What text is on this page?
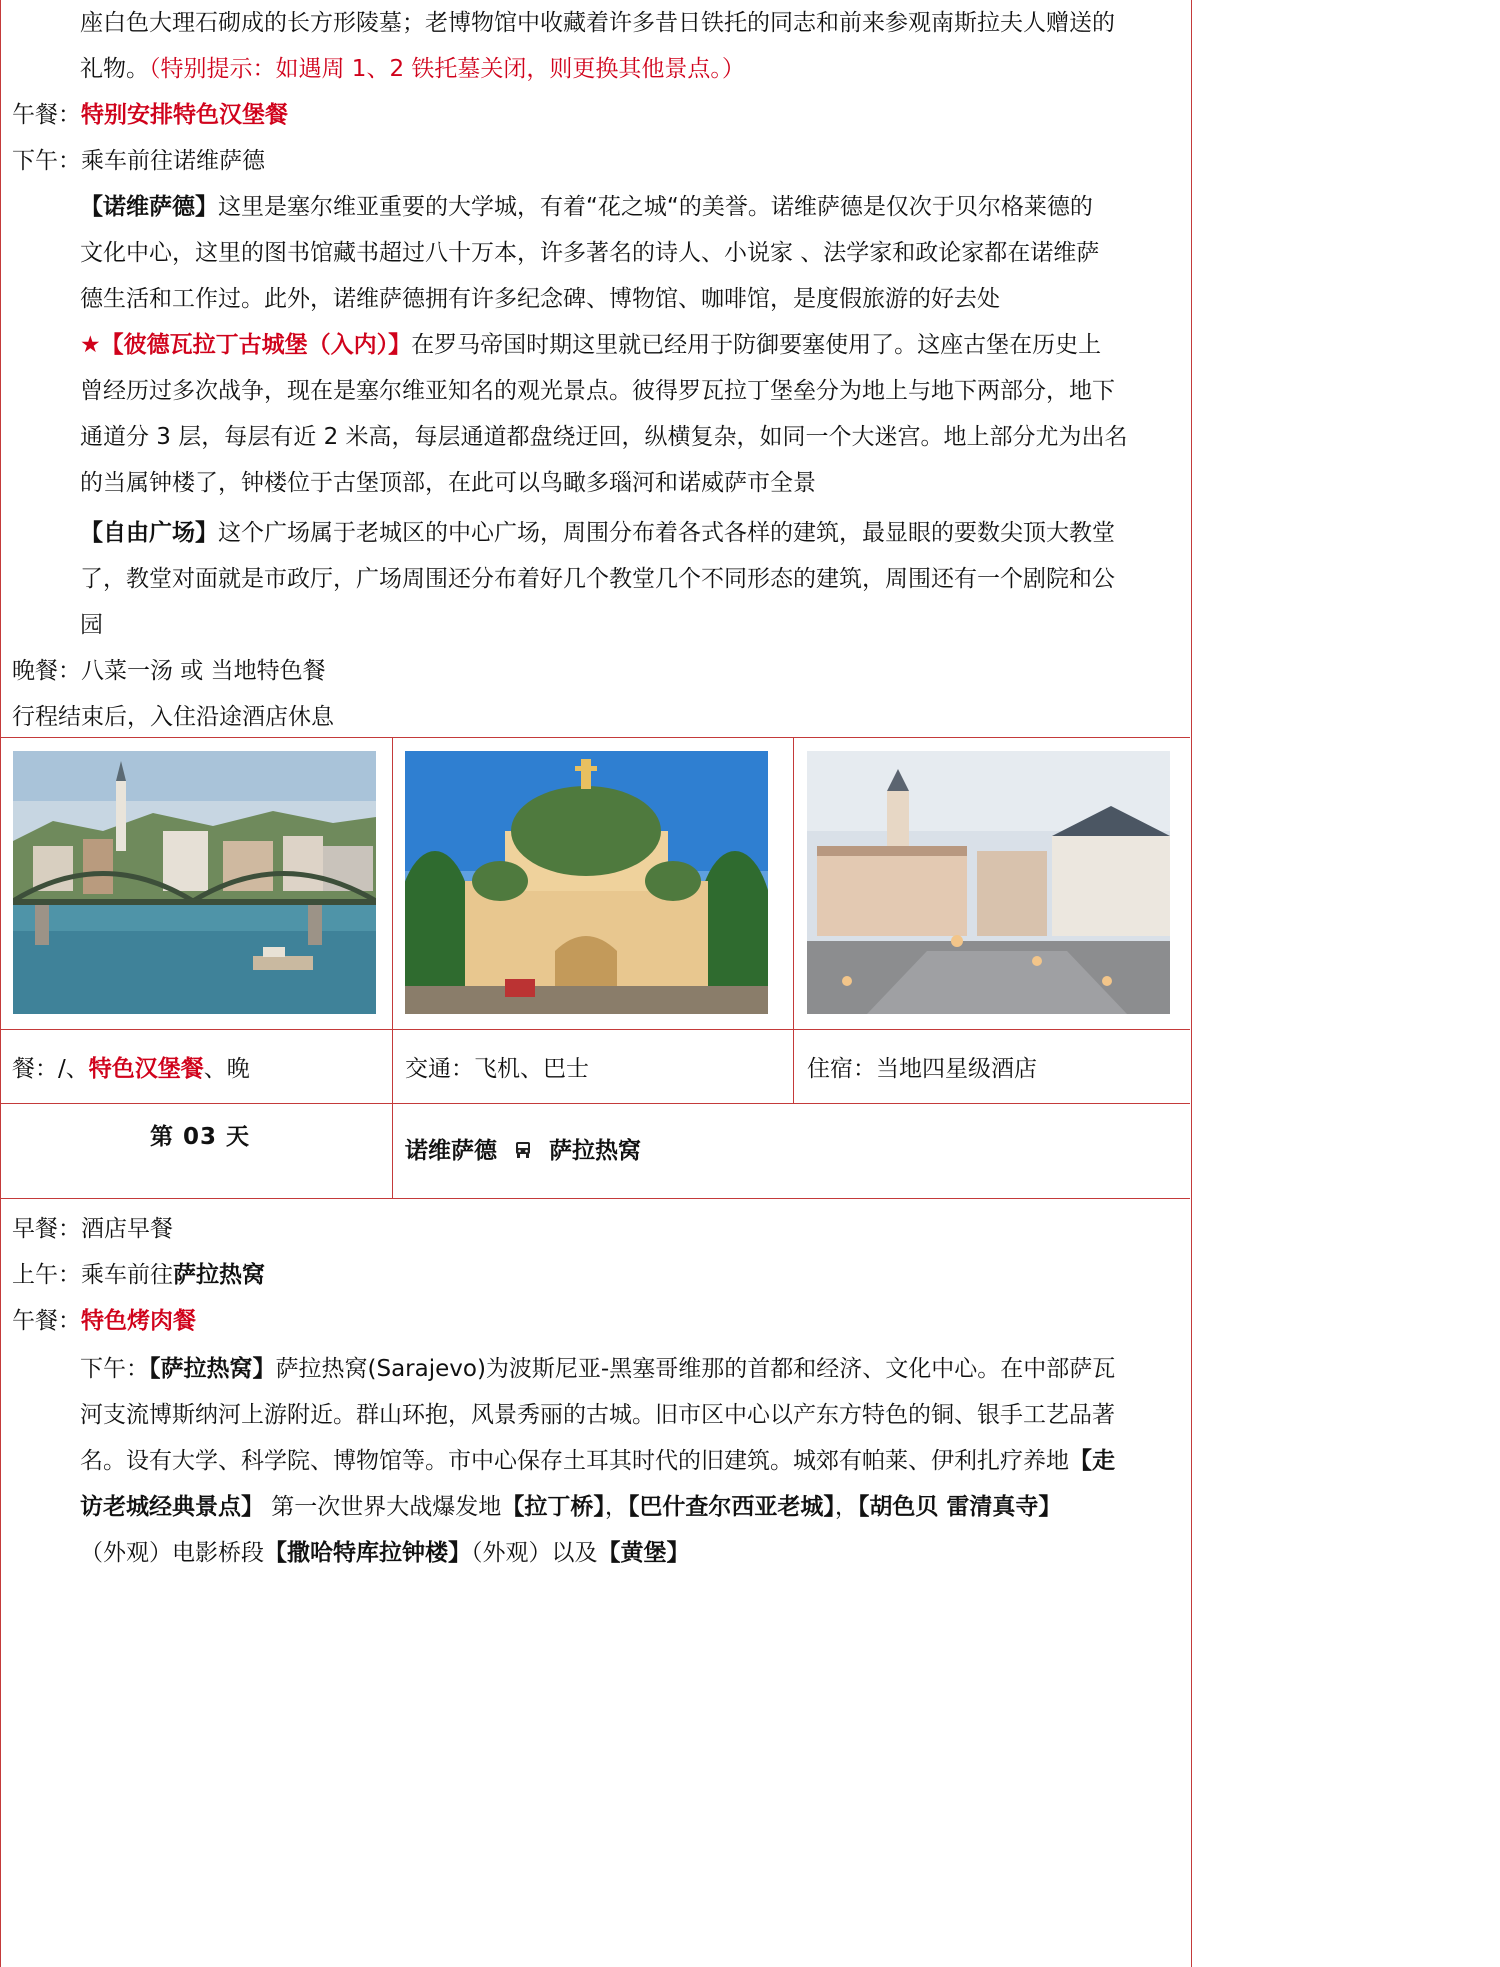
座白色大理石砌成的长方形陵墓；老博物馆中收藏着许多昔日铁托的同志和前来参观南斯拉夫人赠送的
礼物。（特别提示：如遇周 1、2 铁托墓关闭，则更换其他景点。）
午餐：特别安排特色汉堡餐
下午：乘车前往诺维萨德
【诺维萨德】这里是塞尔维亚重要的大学城，有着“花之城“的美誉。诺维萨德是仅次于贝尔格莱德的
文化中心，这里的图书馆藏书超过八十万本，许多著名的诗人、小说家 、法学家和政论家都在诺维萨
德生活和工作过。此外，诺维萨德拥有许多纪念碑、博物馆、咖啡馆，是度假旅游的好去处
★【彼德瓦拉丁古城堡（入内）】在罗马帝国时期这里就已经用于防御要塞使用了。这座古堡在历史上
曾经历过多次战争，现在是塞尔维亚知名的观光景点。彼得罗瓦拉丁堡垒分为地上与地下两部分，地下
通道分 3 层，每层有近 2 米高，每层通道都盘绕迂回，纵横复杂，如同一个大迷宫。地上部分尤为出名
的当属钟楼了，钟楼位于古堡顶部，在此可以鸟瞰多瑙河和诺威萨市全景
【自由广场】这个广场属于老城区的中心广场，周围分布着各式各样的建筑，最显眼的要数尖顶大教堂
了，教堂对面就是市政厅，广场周围还分布着好几个教堂几个不同形态的建筑，周围还有一个剧院和公
园
晚餐：八菜一汤 或 当地特色餐
行程结束后，入住沿途酒店休息
餐：/、特色汉堡餐、晚	交通：飞机、巴士	住宿：当地四星级酒店
第 03 天
诺维萨德 萨拉热窝
早餐：酒店早餐
上午：乘车前往萨拉热窝
午餐：特色烤肉餐
下午：【萨拉热窝】萨拉热窝(Sarajevo)为波斯尼亚-黑塞哥维那的首都和经济、文化中心。在中部萨瓦
河支流博斯纳河上游附近。群山环抱，风景秀丽的古城。旧市区中心以产东方特色的铜、银手工艺品著
名。设有大学、科学院、博物馆等。市中心保存土耳其时代的旧建筑。城郊有帕莱、伊利扎疗养地【走
访老城经典景点】 第一次世界大战爆发地【拉丁桥】，【巴什查尔西亚老城】，【胡色贝 雷清真寺】
（外观）电影桥段【撒哈特库拉钟楼】（外观）以及【黄堡】
